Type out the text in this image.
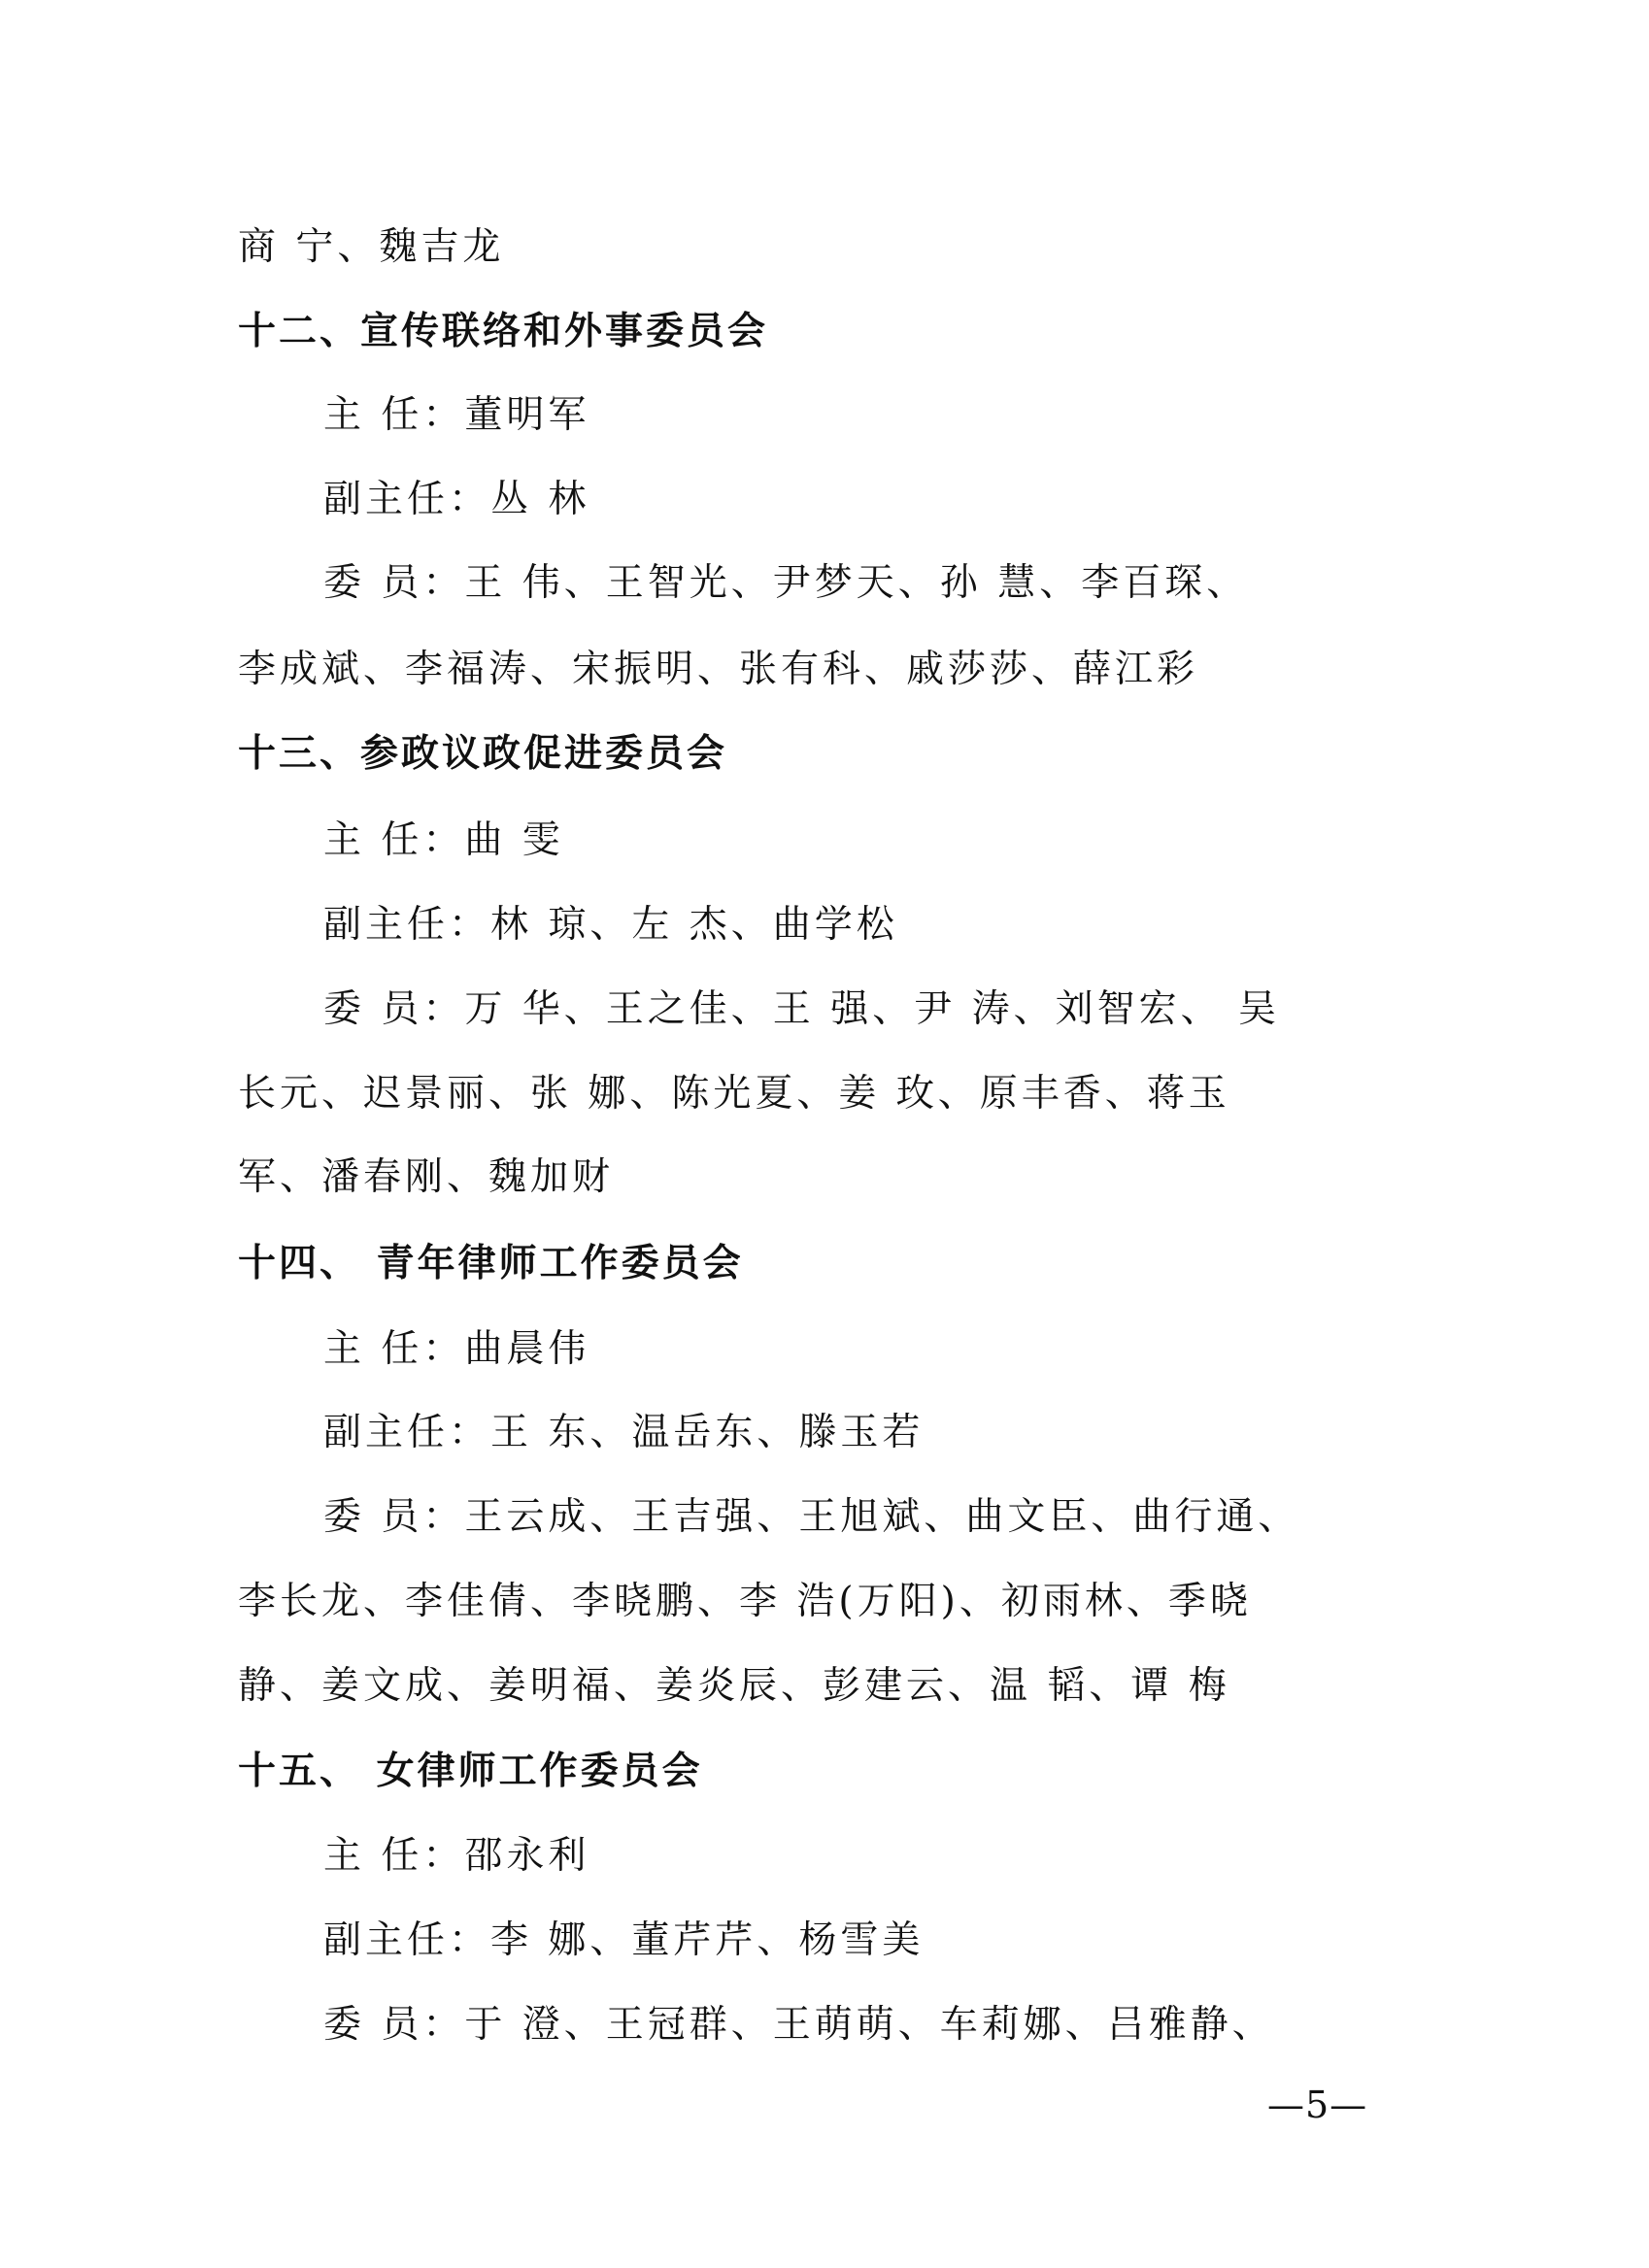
商 宁、魏吉龙
十二、宣传联络和外事委员会
主 任：董明军
副主任：丛 林
委 员：王 伟、王智光、尹梦天、孙 慧、李百琛、
李成斌、李福涛、宋振明、张有科、戚莎莎、薛江彩
十三、参政议政促进委员会
主 任：曲 雯
副主任：林 琼、左 杰、曲学松
委 员：万 华、王之佳、王 强、尹 涛、刘智宏、 吴
长元、迟景丽、张 娜、陈光夏、姜 玫、原丰香、蒋玉
军、潘春刚、魏加财
十四、 青年律师工作委员会
主 任：曲晨伟
副主任：王 东、温岳东、滕玉若
委 员：王云成、王吉强、王旭斌、曲文臣、曲行通、
李长龙、李佳倩、李晓鹏、李 浩(万阳)、初雨林、季晓
静、姜文成、姜明福、姜炎辰、彭建云、温 韬、谭 梅
十五、 女律师工作委员会
主 任：邵永利
副主任：李 娜、董芹芹、杨雪美
委 员：于 澄、王冠群、王萌萌、车莉娜、吕雅静、
—5—
